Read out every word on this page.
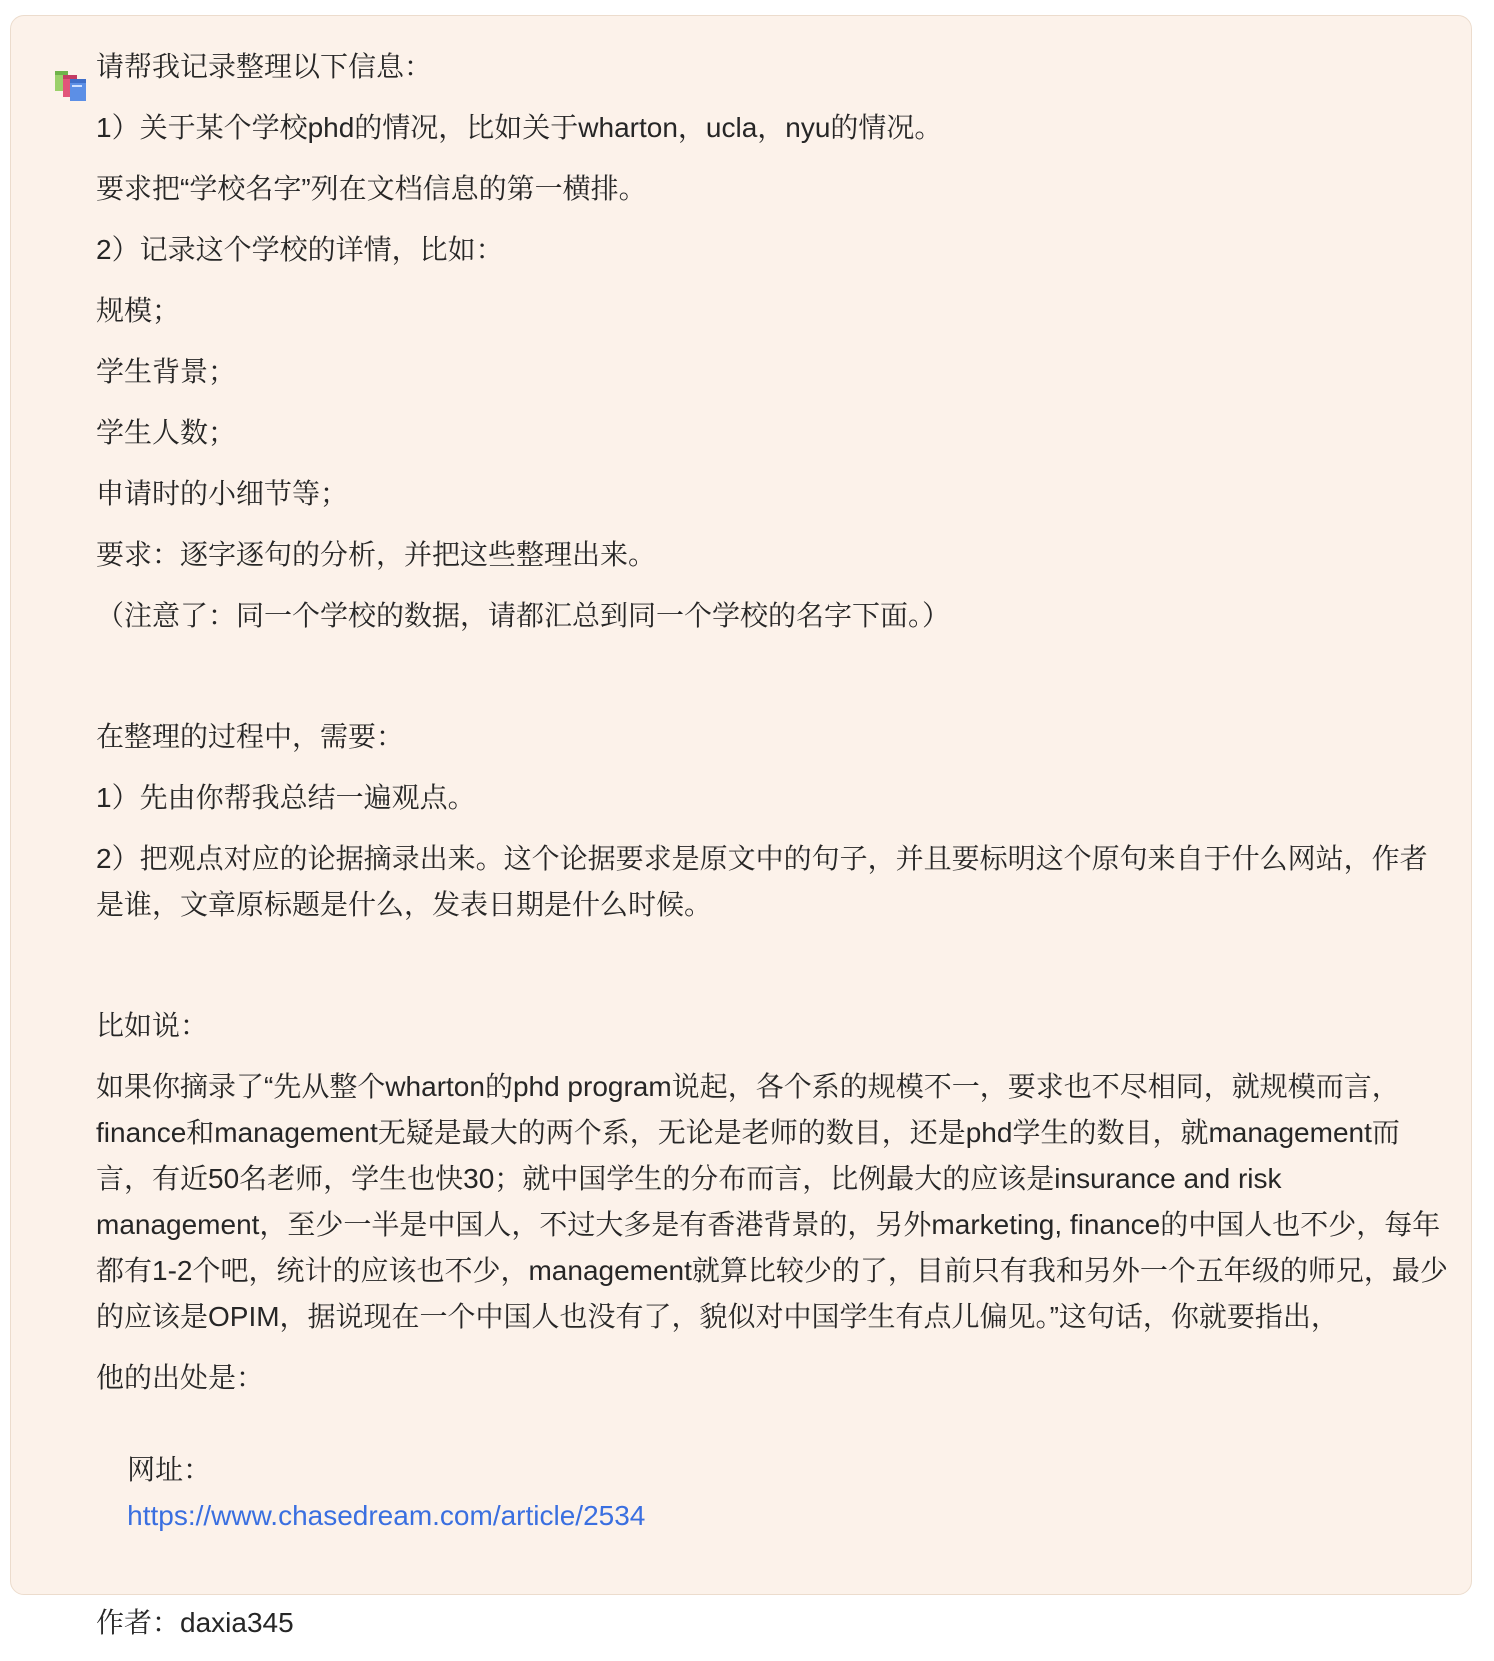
请帮我记录整理以下信息：

1）关于某个学校phd的情况，比如关于wharton，ucla，nyu的情况。

要求把“学校名字”列在文档信息的第一横排。

2）记录这个学校的详情，比如：

规模；

学生背景；

学生人数；

申请时的小细节等；

要求：逐字逐句的分析，并把这些整理出来。

（注意了：同一个学校的数据，请都汇总到同一个学校的名字下面。）

在整理的过程中，需要：

1）先由你帮我总结一遍观点。

2）把观点对应的论据摘录出来。这个论据要求是原文中的句子，并且要标明这个原句来自于什么网站，作者是谁，文章原标题是什么，发表日期是什么时候。

比如说：

如果你摘录了“先从整个wharton的phd program说起，各个系的规模不一，要求也不尽相同，就规模而言，finance和management无疑是最大的两个系，无论是老师的数目，还是phd学生的数目，就management而言，有近50名老师，学生也快30；就中国学生的分布而言，比例最大的应该是insurance and risk management，至少一半是中国人，不过大多是有香港背景的，另外marketing, finance的中国人也不少，每年都有1-2个吧，统计的应该也不少，management就算比较少的了，目前只有我和另外一个五年级的师兄，最少的应该是OPIM，据说现在一个中国人也没有了，貌似对中国学生有点儿偏见。”这句话，你就要指出，

他的出处是：

网址：
https://www.chasedream.com/article/2534

作者：daxia345
